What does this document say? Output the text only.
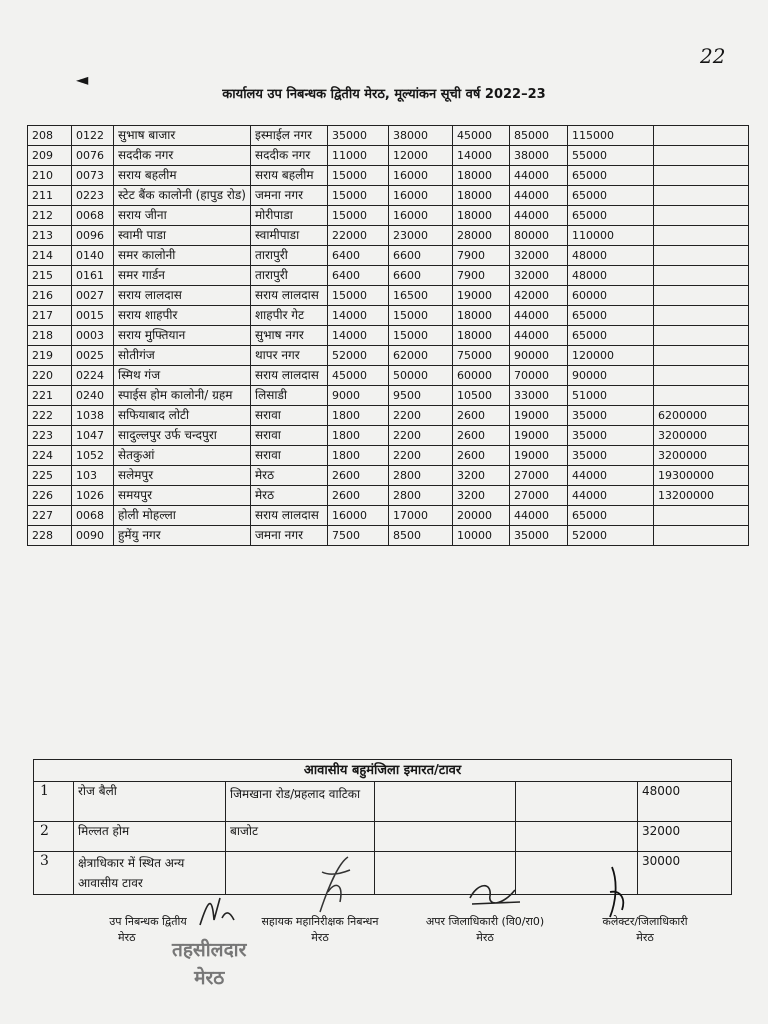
22
◄
कार्यालय उप निबन्धक द्वितीय मेरठ, मूल्यांकन सूची वर्ष 2022–23
208	0122	सुभाष बाजार	इस्माईल नगर	35000	38000	45000	85000	115000	
209	0076	सददीक नगर	सददीक नगर	11000	12000	14000	38000	55000	
210	0073	सराय बहलीम	सराय बहलीम	15000	16000	18000	44000	65000	
211	0223	स्टेट बैंक कालोनी (हापुड रोड)	जमना नगर	15000	16000	18000	44000	65000	
212	0068	सराय जीना	मोरीपाडा	15000	16000	18000	44000	65000	
213	0096	स्वामी पाडा	स्वामीपाडा	22000	23000	28000	80000	110000	
214	0140	समर कालोनी	तारापुरी	6400	6600	7900	32000	48000	
215	0161	समर गार्डन	तारापुरी	6400	6600	7900	32000	48000	
216	0027	सराय लालदास	सराय लालदास	15000	16500	19000	42000	60000	
217	0015	सराय शाहपीर	शाहपीर गेट	14000	15000	18000	44000	65000	
218	0003	सराय मुफ्तियान	सुभाष नगर	14000	15000	18000	44000	65000	
219	0025	सोतीगंज	थापर नगर	52000	62000	75000	90000	120000	
220	0224	स्मिथ गंज	सराय लालदास	45000	50000	60000	70000	90000	
221	0240	स्पाईस होम कालोनी/ ग्रहम	लिसाडी	9000	9500	10500	33000	51000	
222	1038	सफियाबाद लोटी	सरावा	1800	2200	2600	19000	35000	6200000
223	1047	सादुल्लपुर उर्फ चन्दपुरा	सरावा	1800	2200	2600	19000	35000	3200000
224	1052	सेतकुआं	सरावा	1800	2200	2600	19000	35000	3200000
225	103	सलेमपुर	मेरठ	2600	2800	3200	27000	44000	19300000
226	1026	समयपुर	मेरठ	2600	2800	3200	27000	44000	13200000
227	0068	होली मोहल्ला	सराय लालदास	16000	17000	20000	44000	65000	
228	0090	हुमेंयु नगर	जमना नगर	7500	8500	10000	35000	52000	
आवासीय बहुमंजिला इमारत/टावर					
1	रोज बैली	जिमखाना रोड/प्रहलाद वाटिका			48000
2	मिल्लत होम	बाजोट			32000
3	क्षेत्राधिकार में स्थित अन्य आवासीय टावर				30000
उप निबन्धक द्वितीय
मेरठ
सहायक महानिरीक्षक निबन्धन
मेरठ
अपर जिलाधिकारी (वि0/रा0)
मेरठ
कलेक्टर/जिलाधिकारी
मेरठ
तहसीलदार
मेरठ
